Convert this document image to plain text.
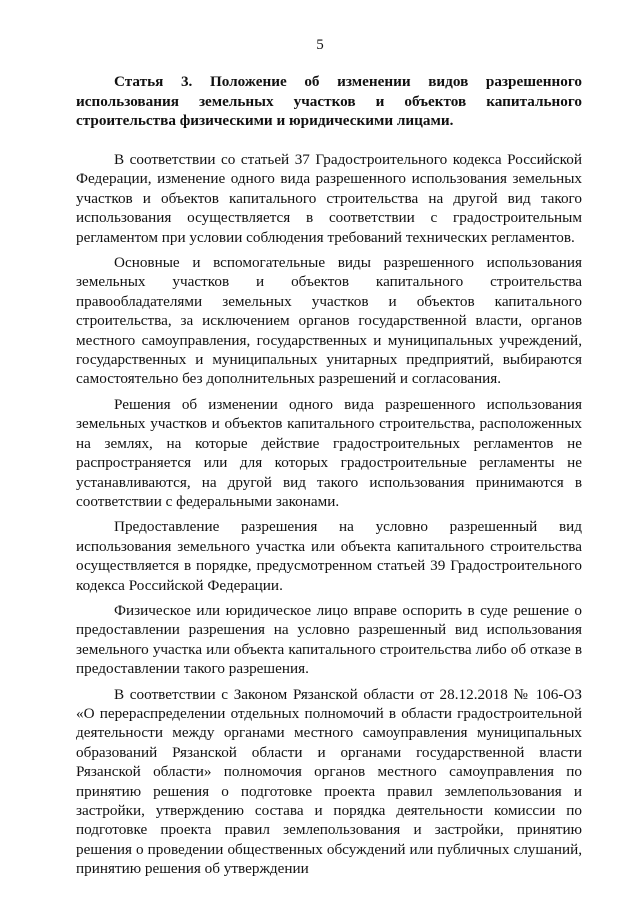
5
Статья 3. Положение об изменении видов разрешенного использования земельных участков и объектов капитального строительства физическими и юридическими лицами.

В соответствии со статьей 37 Градостроительного кодекса Российской Федерации, изменение одного вида разрешенного использования земельных участков и объектов капитального строительства на другой вид такого использования осуществляется в соответствии с градостроительным регламентом при условии соблюдения требований технических регламентов.

Основные и вспомогательные виды разрешенного использования земельных участков и объектов капитального строительства правообладателями земельных участков и объектов капитального строительства, за исключением органов государственной власти, органов местного самоуправления, государственных и муниципальных учреждений, государственных и муниципальных унитарных предприятий, выбираются самостоятельно без дополнительных разрешений и согласования.

Решения об изменении одного вида разрешенного использования земельных участков и объектов капитального строительства, расположенных на землях, на которые действие градостроительных регламентов не распространяется или для которых градостроительные регламенты не устанавливаются, на другой вид такого использования принимаются в соответствии с федеральными законами.

Предоставление разрешения на условно разрешенный вид использования земельного участка или объекта капитального строительства осуществляется в порядке, предусмотренном статьей 39 Градостроительного кодекса Российской Федерации.

Физическое или юридическое лицо вправе оспорить в суде решение о предоставлении разрешения на условно разрешенный вид использования земельного участка или объекта капитального строительства либо об отказе в предоставлении такого разрешения.

В соответствии с Законом Рязанской области от 28.12.2018 № 106-ОЗ «О перераспределении отдельных полномочий в области градостроительной деятельности между органами местного самоуправления муниципальных образований Рязанской области и органами государственной власти Рязанской области» полномочия органов местного самоуправления по принятию решения о подготовке проекта правил землепользования и застройки, утверждению состава и порядка деятельности комиссии по подготовке проекта правил землепользования и застройки, принятию решения о проведении общественных обсуждений или публичных слушаний, принятию решения об утверждении
